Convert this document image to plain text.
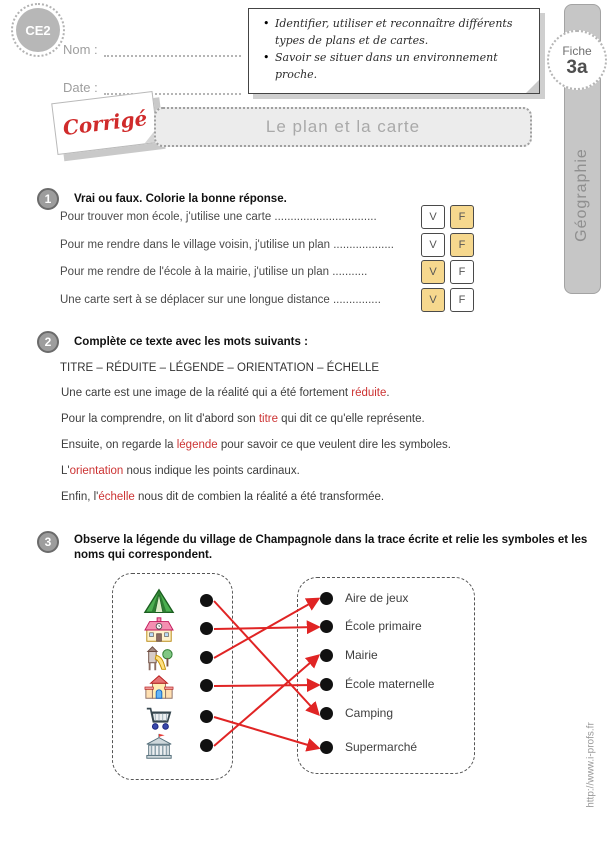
CE2
Nom :
Date :
• Identifier, utiliser et reconnaître différents types de plans et de cartes.
• Savoir se situer dans un environnement proche.
Géographie
Fiche
3a
Corrigé	Le plan et la carte
1 Vrai ou faux. Colorie la bonne réponse.
Pour trouver mon école, j'utilise une carte ................................	V	F
Pour me rendre dans le village voisin, j'utilise un plan ...................	V	F
Pour me rendre de l'école à la mairie, j'utilise un plan ...........	V	F
Une carte sert à se déplacer sur une longue distance ...............	V	F
2 Complète ce texte avec les mots suivants :
TITRE – RÉDUITE – LÉGENDE – ORIENTATION – ÉCHELLE
Une carte est une image de la réalité qui a été fortement réduite.
Pour la comprendre, on lit d'abord son titre qui dit ce qu'elle représente.
Ensuite, on regarde la légende pour savoir ce que veulent dire les symboles.
L'orientation nous indique les points cardinaux.
Enfin, l'échelle nous dit de combien la réalité a été transformée.
3 Observe la légende du village de Champagnole dans la trace écrite et relie les symboles et les noms qui correspondent.
Aire de jeux
École primaire
Mairie
École maternelle
Camping
Supermarché	http://www.i-profs.fr
